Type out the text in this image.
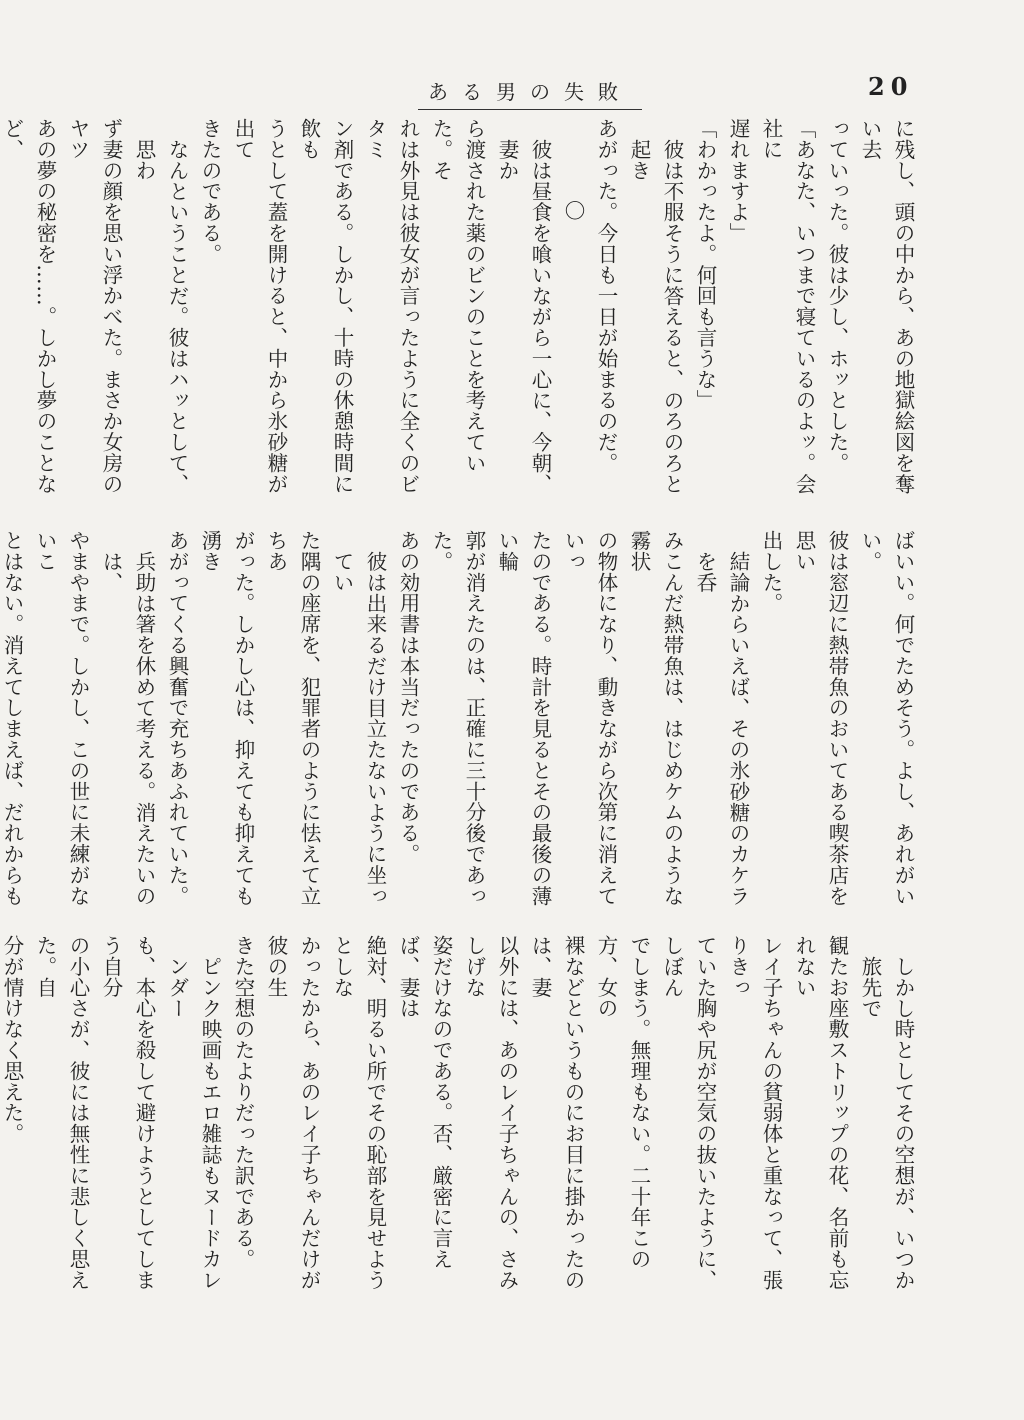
ある男の失敗	20

に残し、頭の中から、あの地獄絵図を奪い去

っていった。彼は少し、ホッとした。

「あなた、いつまで寝ているのよッ。会社に

遅れますよ」

「わかったよ。何回も言うな」

彼は不服そうに答えると、のろのろと起き

あがった。今日も一日が始まるのだ。

〇

彼は昼食を喰いながら一心に、今朝、妻か

ら渡された薬のビンのことを考えていた。そ

れは外見は彼女が言ったように全くのビタミ

ン剤である。しかし、十時の休憩時間に飲も

うとして蓋を開けると、中から氷砂糖が出て

きたのである。

なんということだ。彼はハッとして、思わ

ず妻の顔を思い浮かべた。まさか女房のヤツ

あの夢の秘密を……。しかし夢のことなど、

ばいい。何でためそう。よし、あれがいい。

彼は窓辺に熱帯魚のおいてある喫茶店を思い

出した。

結論からいえば、その氷砂糖のカケラを呑

みこんだ熱帯魚は、はじめケムのような霧状

の物体になり、動きながら次第に消えていっ

たのである。時計を見るとその最後の薄い輪

郭が消えたのは、正確に三十分後であった。

あの効用書は本当だったのである。

彼は出来るだけ目立たないように坐ってい

た隅の座席を、犯罪者のように怯えて立ちあ

がった。しかし心は、抑えても抑えても湧き

あがってくる興奮で充ちあふれていた。

兵助は箸を休めて考える。消えたいのは、

やまやまで。しかし、この世に未練がないこ

とはない。消えてしまえば、だれからも

しかし時としてその空想が、いつか旅先で

観たお座敷ストリップの花、名前も忘れない

レイ子ちゃんの貧弱体と重なって、張りきっ

ていた胸や尻が空気の抜いたように、しぼん

でしまう。無理もない。二十年この方、女の

裸などというものにお目に掛かったのは、妻

以外には、あのレイ子ちゃんの、さみしげな

姿だけなのである。否、厳密に言えば、妻は

絶対、明るい所でその恥部を見せようとしな

かったから、あのレイ子ちゃんだけが彼の生

きた空想のたよりだった訳である。

ピンク映画もエロ雑誌もヌードカレンダー

も、本心を殺して避けようとしてしまう自分

の小心さが、彼には無性に悲しく思えた。自

分が情けなく思えた。
